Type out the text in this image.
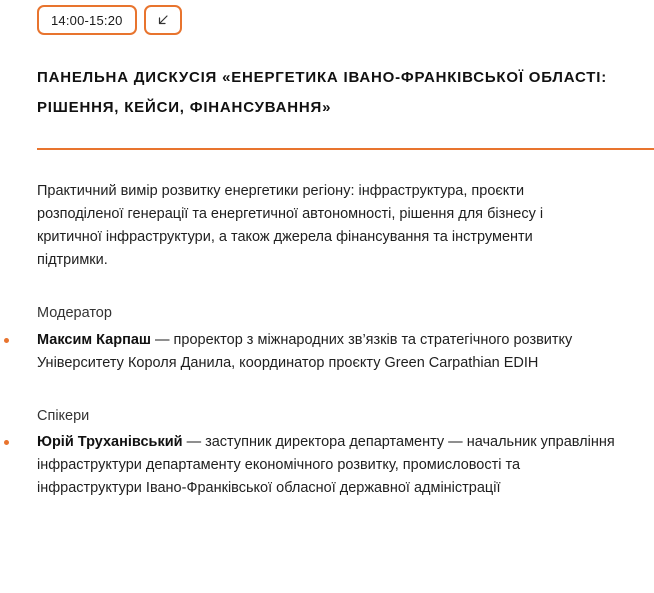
14:00-15:20
ПАНЕЛЬНА ДИСКУСІЯ «ЕНЕРГЕТИКА ІВАНО-ФРАНКІВСЬКОЇ ОБЛАСТІ:
РІШЕННЯ, КЕЙСИ, ФІНАНСУВАННЯ»

Практичний вимір розвитку енергетики регіону: інфраструктура, проєкти розподіленої генерації та енергетичної автономності, рішення для бізнесу і критичної інфраструктури, а також джерела фінансування та інструменти підтримки.

Модератор

Максим Карпаш — проректор з міжнародних зв’язків та стратегічного розвитку Університету Короля Данила, координатор проєкту Green Carpathian EDIH

Спікери

Юрій Труханівський — заступник директора департаменту — начальник управління інфраструктури департаменту економічного розвитку, промисловості та інфраструктури Івано-Франківської обласної державної адміністрації
